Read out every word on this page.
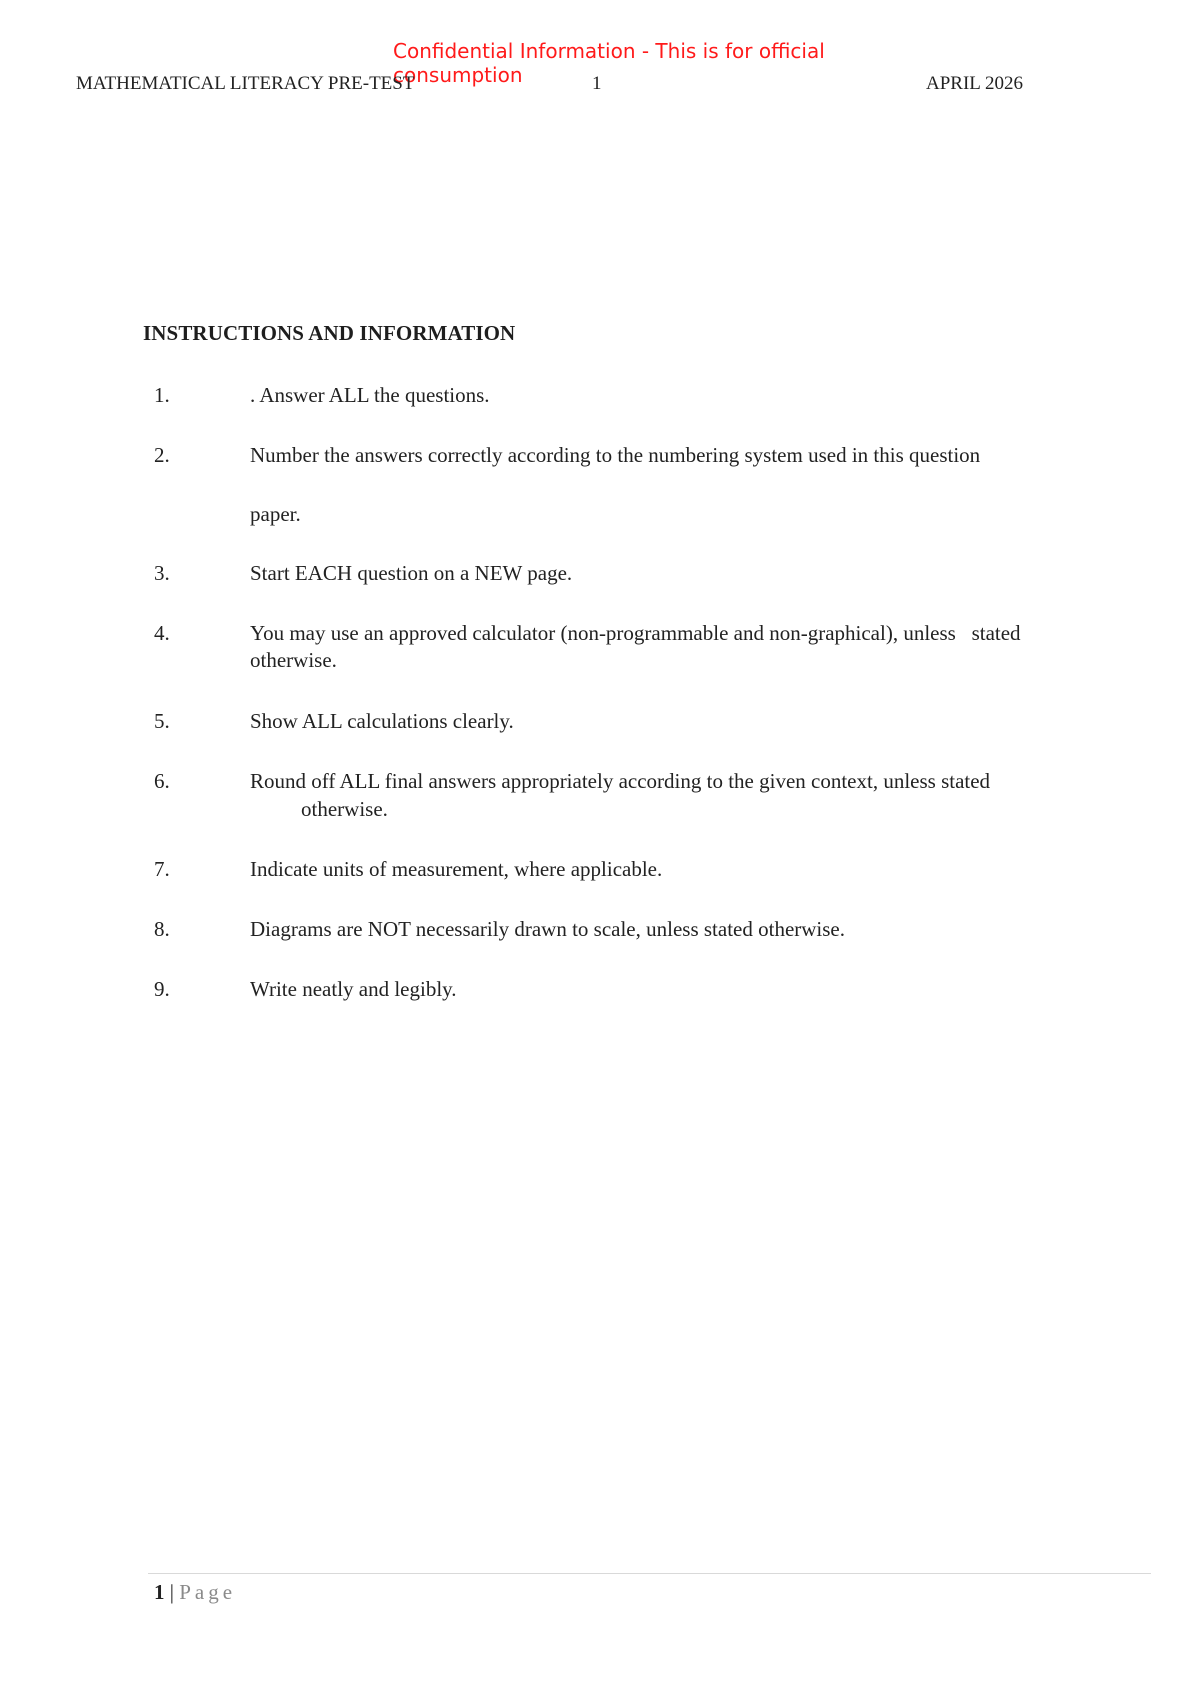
Confidential Information - This is for official consumption
MATHEMATICAL LITERACY PRE-TEST	1	APRIL 2026
INSTRUCTIONS AND INFORMATION
1.	. Answer ALL the questions.
2.	Number the answers correctly according to the numbering system used in this question
paper.
3.	Start EACH question on a NEW page.
4.	You may use an approved calculator (non-programmable and non-graphical), unless   stated
otherwise.
5.	Show ALL calculations clearly.
6.	Round off ALL final answers appropriately according to the given context, unless stated
otherwise.
7.	Indicate units of measurement, where applicable.
8.	Diagrams are NOT necessarily drawn to scale, unless stated otherwise.
9.	Write neatly and legibly.
1 | Page
